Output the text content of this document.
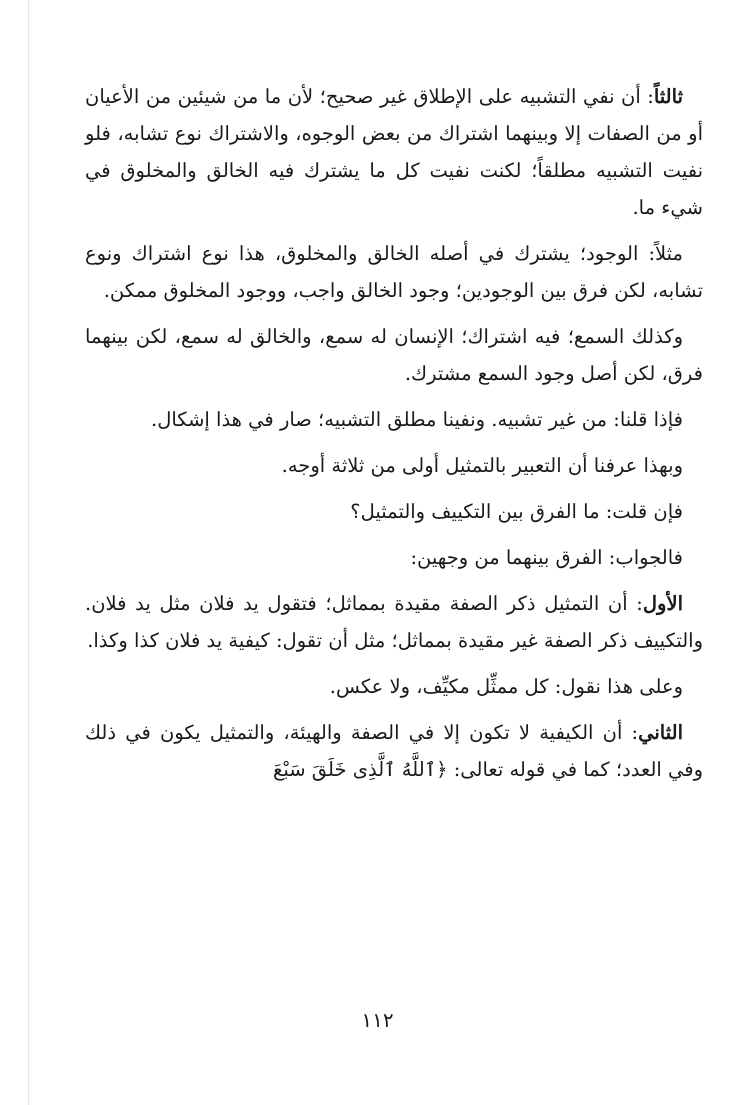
ثالثاً: أن نفي التشبيه على الإطلاق غير صحيح؛ لأن ما من شيئين من الأعيان أو من الصفات إلا وبينهما اشتراك من بعض الوجوه، والاشتراك نوع تشابه، فلو نفيت التشبيه مطلقاً؛ لكنت نفيت كل ما يشترك فيه الخالق والمخلوق في شيء ما.

مثلاً: الوجود؛ يشترك في أصله الخالق والمخلوق، هذا نوع اشتراك ونوع تشابه، لكن فرق بين الوجودين؛ وجود الخالق واجب، ووجود المخلوق ممكن.

وكذلك السمع؛ فيه اشتراك؛ الإنسان له سمع، والخالق له سمع، لكن بينهما فرق، لكن أصل وجود السمع مشترك.

فإذا قلنا: من غير تشبيه. ونفينا مطلق التشبيه؛ صار في هذا إشكال.

وبهذا عرفنا أن التعبير بالتمثيل أولى من ثلاثة أوجه.

فإن قلت: ما الفرق بين التكييف والتمثيل؟

فالجواب: الفرق بينهما من وجهين:

الأول: أن التمثيل ذكر الصفة مقيدة بمماثل؛ فتقول يد فلان مثل يد فلان. والتكييف ذكر الصفة غير مقيدة بمماثل؛ مثل أن تقول: كيفية يد فلان كذا وكذا.

وعلى هذا نقول: كل ممثِّل مكيِّف، ولا عكس.

الثاني: أن الكيفية لا تكون إلا في الصفة والهيئة، والتمثيل يكون في ذلك وفي العدد؛ كما في قوله تعالى: ﴿ٱللَّهُ ٱلَّذِى خَلَقَ سَبْعَ

١١٢
